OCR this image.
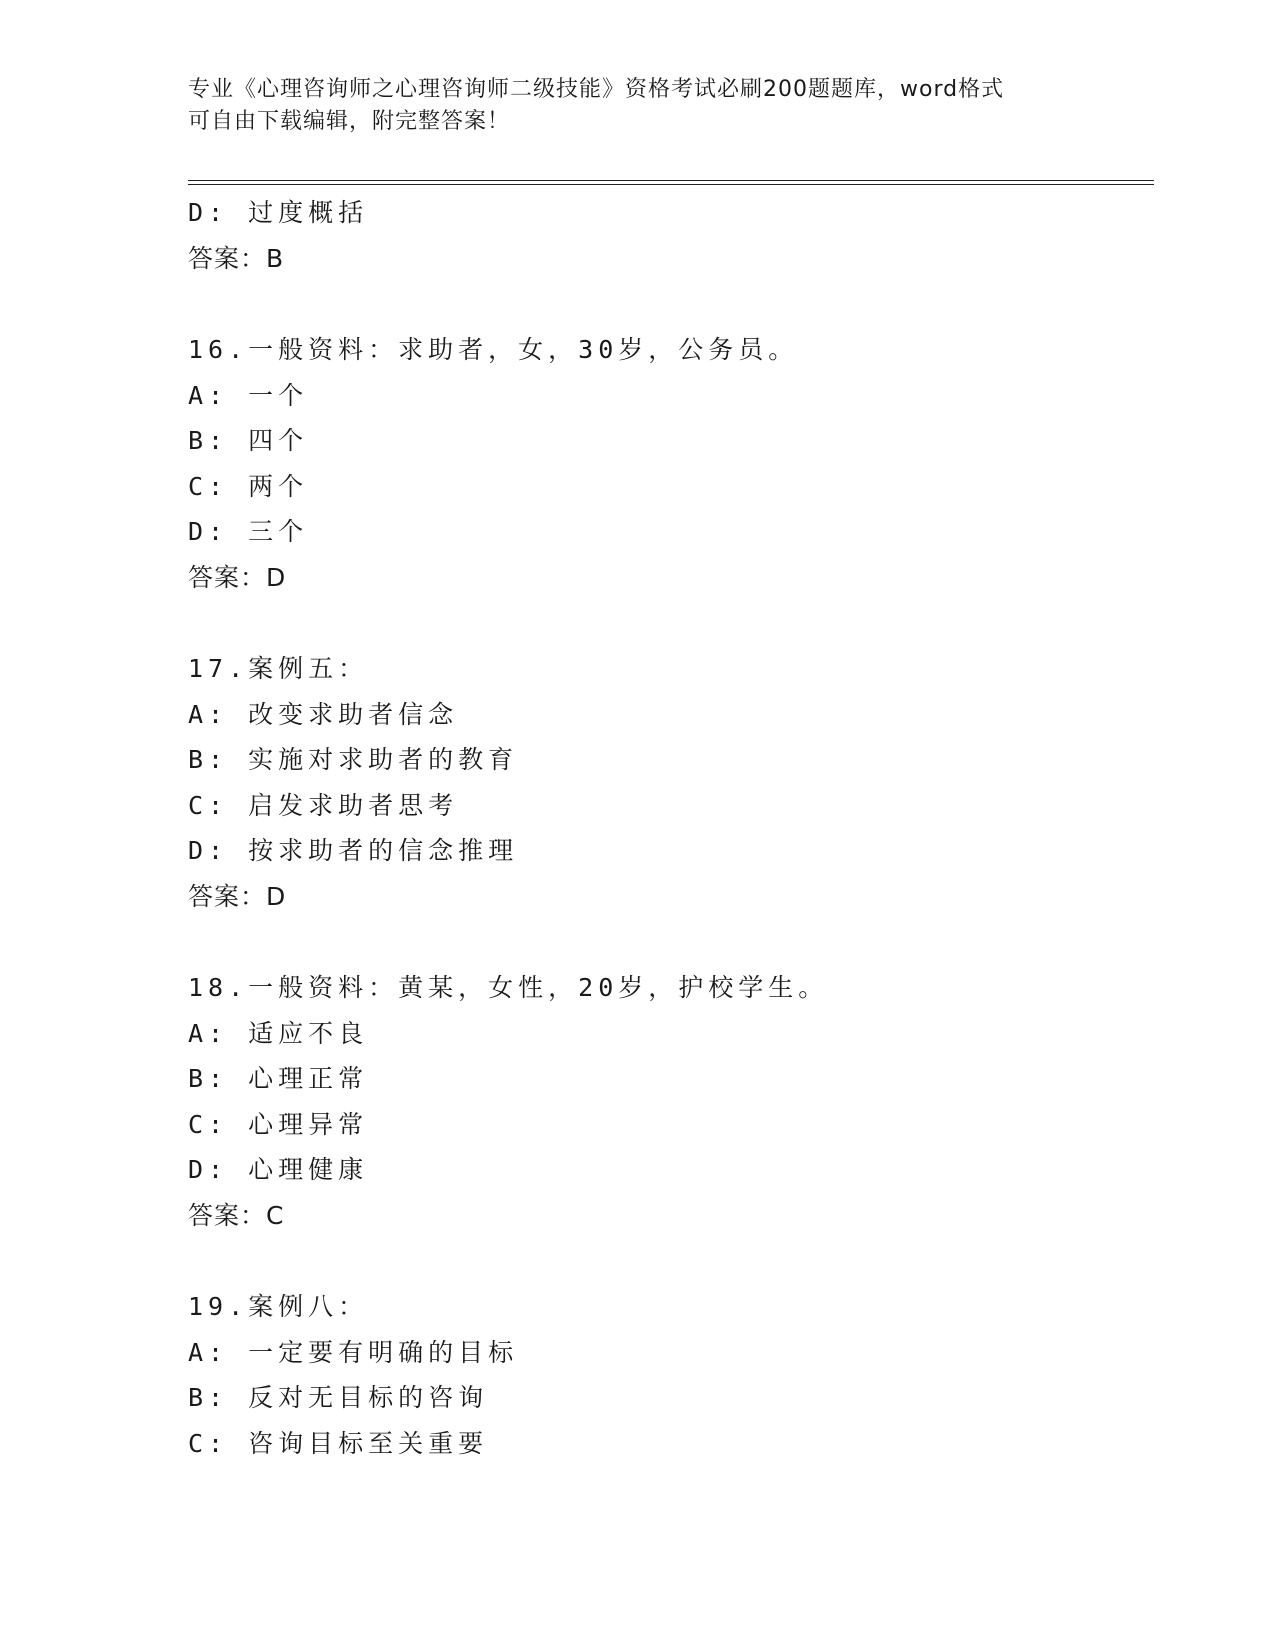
专业《心理咨询师之心理咨询师二级技能》资格考试必刷200题题库，word格式
可自由下载编辑，附完整答案！
D: 过度概括
答案：B
16.一般资料：求助者，女，30岁，公务员。
A: 一个
B: 四个
C: 两个
D: 三个
答案：D
17.案例五：
A: 改变求助者信念
B: 实施对求助者的教育
C: 启发求助者思考
D: 按求助者的信念推理
答案：D
18.一般资料：黄某，女性，20岁，护校学生。
A: 适应不良
B: 心理正常
C: 心理异常
D: 心理健康
答案：C
19.案例八：
A: 一定要有明确的目标
B: 反对无目标的咨询
C: 咨询目标至关重要
